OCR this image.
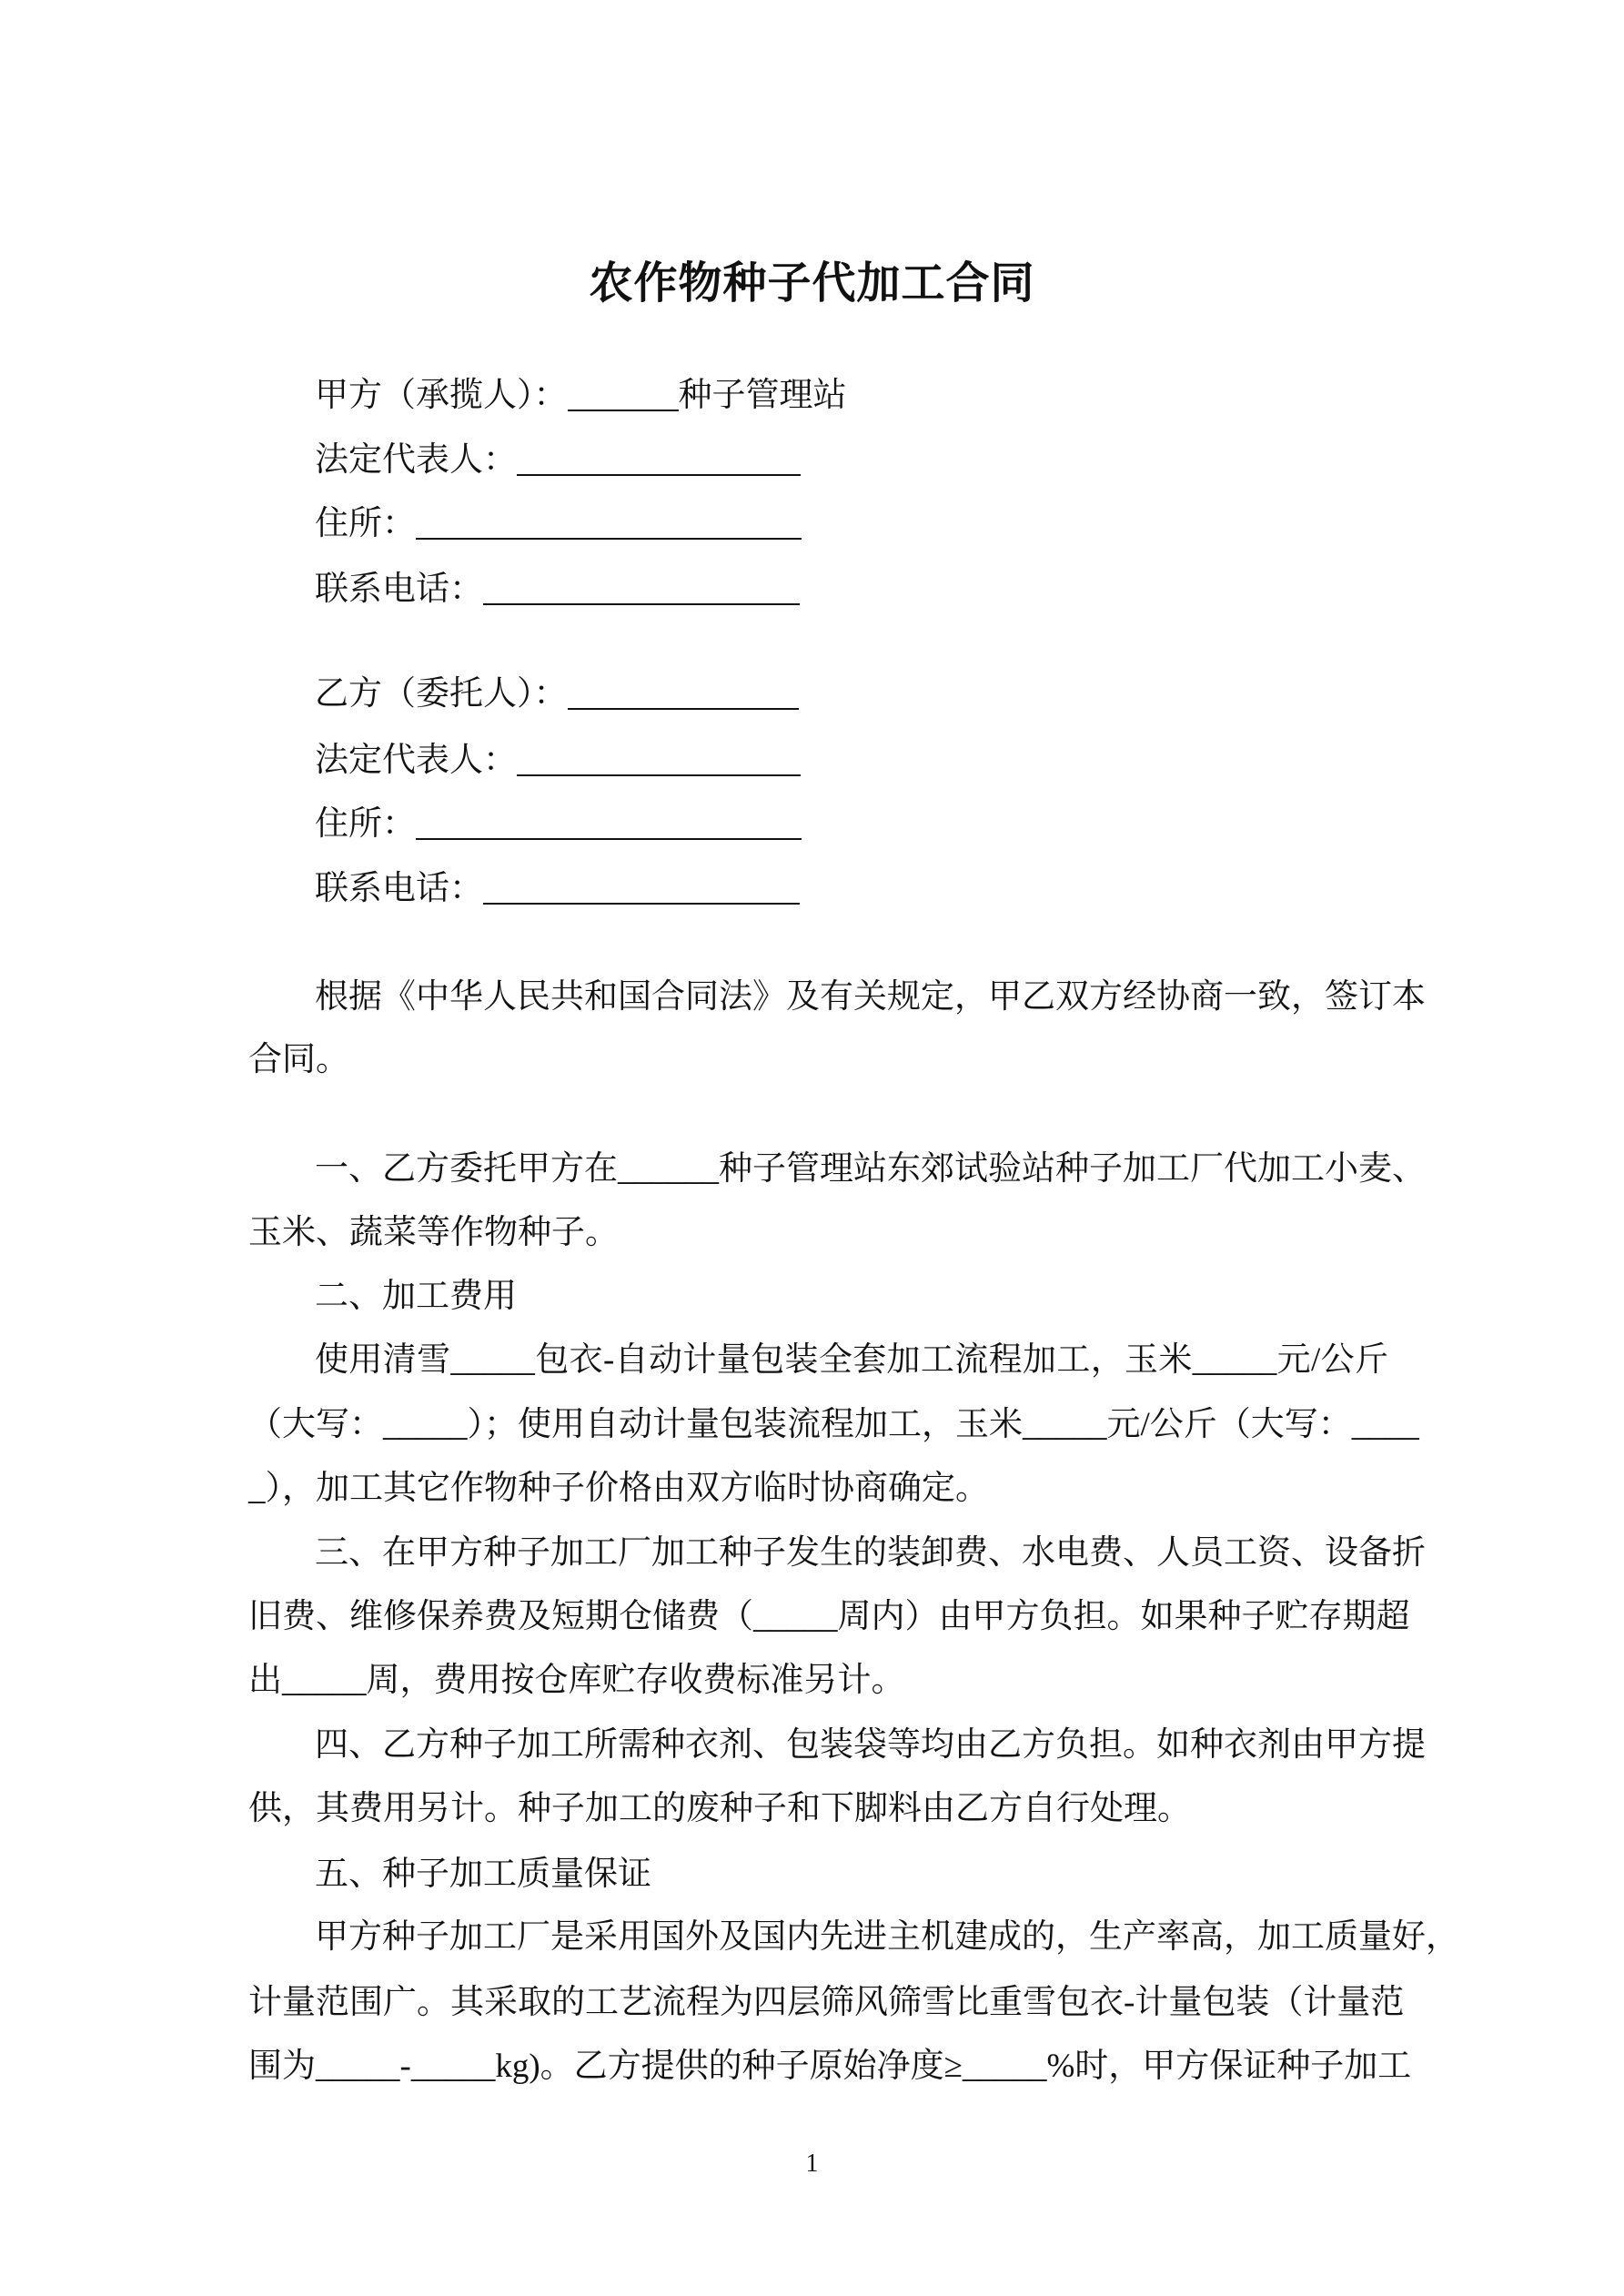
农作物种子代加工合同
甲方（承揽人）：	种子管理站
法定代表人：
住所：
联系电话：
乙方（委托人）：
法定代表人：
住所：
联系电话：
根据《中华人民共和国合同法》及有关规定，甲乙双方经协商一致，签订本
合同。
一、乙方委托甲方在______种子管理站东郊试验站种子加工厂代加工小麦、
玉米、蔬菜等作物种子。
二、加工费用
使用清雪_____包衣-自动计量包装全套加工流程加工，玉米_____元/公斤
（大写：_____）；使用自动计量包装流程加工，玉米_____元/公斤（大写：____
_），加工其它作物种子价格由双方临时协商确定。
三、在甲方种子加工厂加工种子发生的装卸费、水电费、人员工资、设备折
旧费、维修保养费及短期仓储费（_____周内）由甲方负担。如果种子贮存期超
出_____周，费用按仓库贮存收费标准另计。
四、乙方种子加工所需种衣剂、包装袋等均由乙方负担。如种衣剂由甲方提
供，其费用另计。种子加工的废种子和下脚料由乙方自行处理。
五、种子加工质量保证
甲方种子加工厂是采用国外及国内先进主机建成的，生产率高，加工质量好，
计量范围广。其采取的工艺流程为四层筛风筛雪比重雪包衣-计量包装（计量范
围为_____-_____kg)。乙方提供的种子原始净度≥_____%时，甲方保证种子加工
1
